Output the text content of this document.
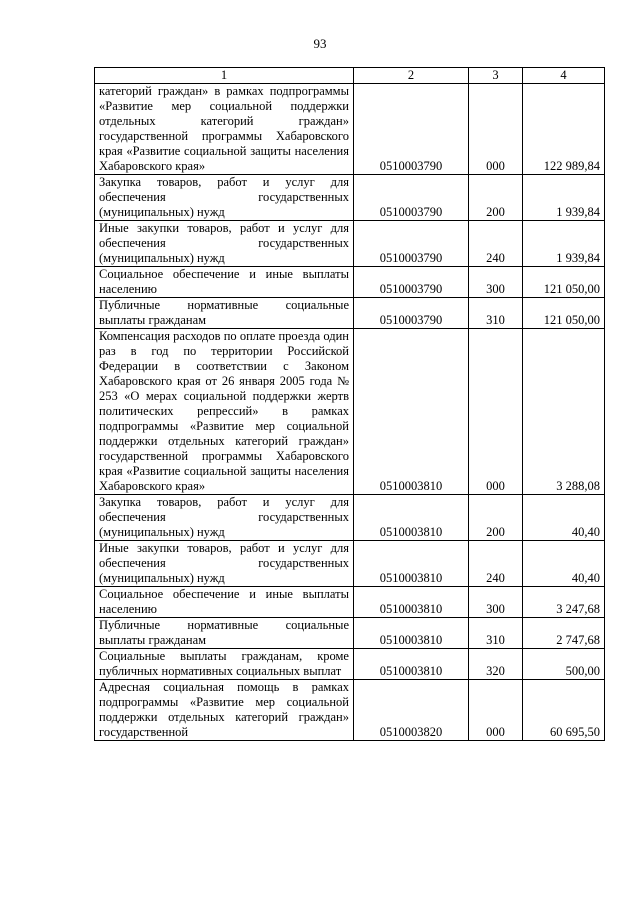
93
1	2	3	4
категорий граждан» в рамках подпрограммы «Развитие мер социальной поддержки отдельных категорий граждан» государственной программы Хабаровского края «Развитие социальной защиты населения Хабаровского края»	0510003790	000	122 989,84
Закупка товаров, работ и услуг для обеспечения государственных (муниципальных) нужд	0510003790	200	1 939,84
Иные закупки товаров, работ и услуг для обеспечения государственных (муниципальных) нужд	0510003790	240	1 939,84
Социальное обеспечение и иные выплаты населению	0510003790	300	121 050,00
Публичные нормативные социальные выплаты гражданам	0510003790	310	121 050,00
Компенсация расходов по оплате проезда один раз в год по территории Российской Федерации в соответствии с Законом Хабаровского края от 26 января 2005 года № 253 «О мерах социальной поддержки жертв политических репрессий» в рамках подпрограммы «Развитие мер социальной поддержки отдельных категорий граждан» государственной программы Хабаровского края «Развитие социальной защиты населения Хабаровского края»	0510003810	000	3 288,08
Закупка товаров, работ и услуг для обеспечения государственных (муниципальных) нужд	0510003810	200	40,40
Иные закупки товаров, работ и услуг для обеспечения государственных (муниципальных) нужд	0510003810	240	40,40
Социальное обеспечение и иные выплаты населению	0510003810	300	3 247,68
Публичные нормативные социальные выплаты гражданам	0510003810	310	2 747,68
Социальные выплаты гражданам, кроме публичных нормативных социальных выплат	0510003810	320	500,00
Адресная социальная помощь в рамках подпрограммы «Развитие мер социальной поддержки отдельных категорий граждан» государственной	0510003820	000	60 695,50
